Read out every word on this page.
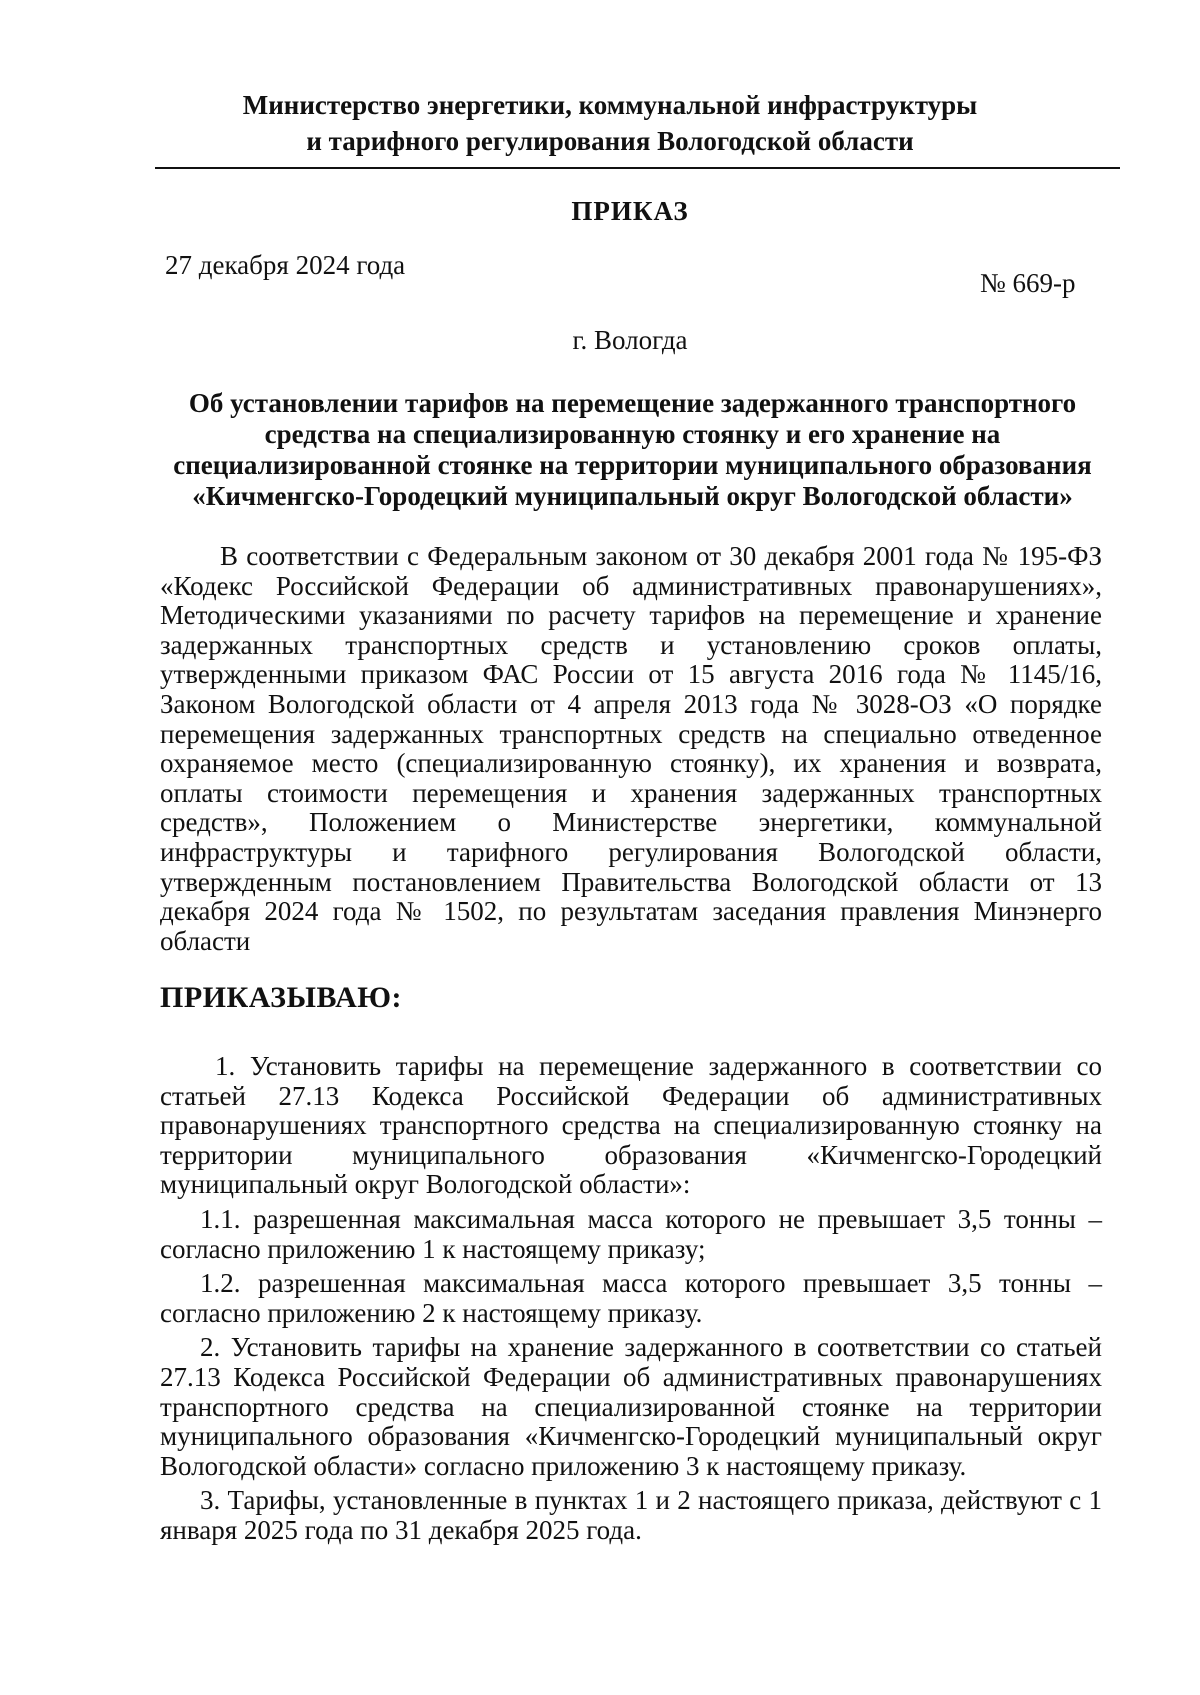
Министерство энергетики, коммунальной инфраструктуры
и тарифного регулирования Вологодской области
ПРИКАЗ
27 декабря 2024 года
№ 669-р
г. Вологда
Об установлении тарифов на перемещение задержанного транспортного средства на специализированную стоянку и его хранение на специализированной стоянке на территории муниципального образования «Кичменгско-Городецкий муниципальный округ Вологодской области»
В соответствии с Федеральным законом от 30 декабря 2001 года № 195-ФЗ «Кодекс Российской Федерации об административных правонарушениях», Методическими указаниями по расчету тарифов на перемещение и хранение задержанных транспортных средств и установлению сроков оплаты, утвержденными приказом ФАС России от 15 августа 2016 года № 1145/16, Законом Вологодской области от 4 апреля 2013 года № 3028-ОЗ «О порядке перемещения задержанных транспортных средств на специально отведенное охраняемое место (специализированную стоянку), их хранения и возврата, оплаты стоимости перемещения и хранения задержанных транспортных средств», Положением о Министерстве энергетики, коммунальной инфраструктуры и тарифного регулирования Вологодской области, утвержденным постановлением Правительства Вологодской области от 13 декабря 2024 года № 1502, по результатам заседания правления Минэнерго области
ПРИКАЗЫВАЮ:

1. Установить тарифы на перемещение задержанного в соответствии со статьей 27.13 Кодекса Российской Федерации об административных правонарушениях транспортного средства на специализированную стоянку на территории муниципального образования «Кичменгско-Городецкий муниципальный округ Вологодской области»:

1.1. разрешенная максимальная масса которого не превышает 3,5 тонны – согласно приложению 1 к настоящему приказу;

1.2. разрешенная максимальная масса которого превышает 3,5 тонны – согласно приложению 2 к настоящему приказу.

2. Установить тарифы на хранение задержанного в соответствии со статьей 27.13 Кодекса Российской Федерации об административных правонарушениях транспортного средства на специализированной стоянке на территории муниципального образования «Кичменгско-Городецкий муниципальный округ Вологодской области» согласно приложению 3 к настоящему приказу.

3. Тарифы, установленные в пунктах 1 и 2 настоящего приказа, действуют с 1 января 2025 года по 31 декабря 2025 года.
